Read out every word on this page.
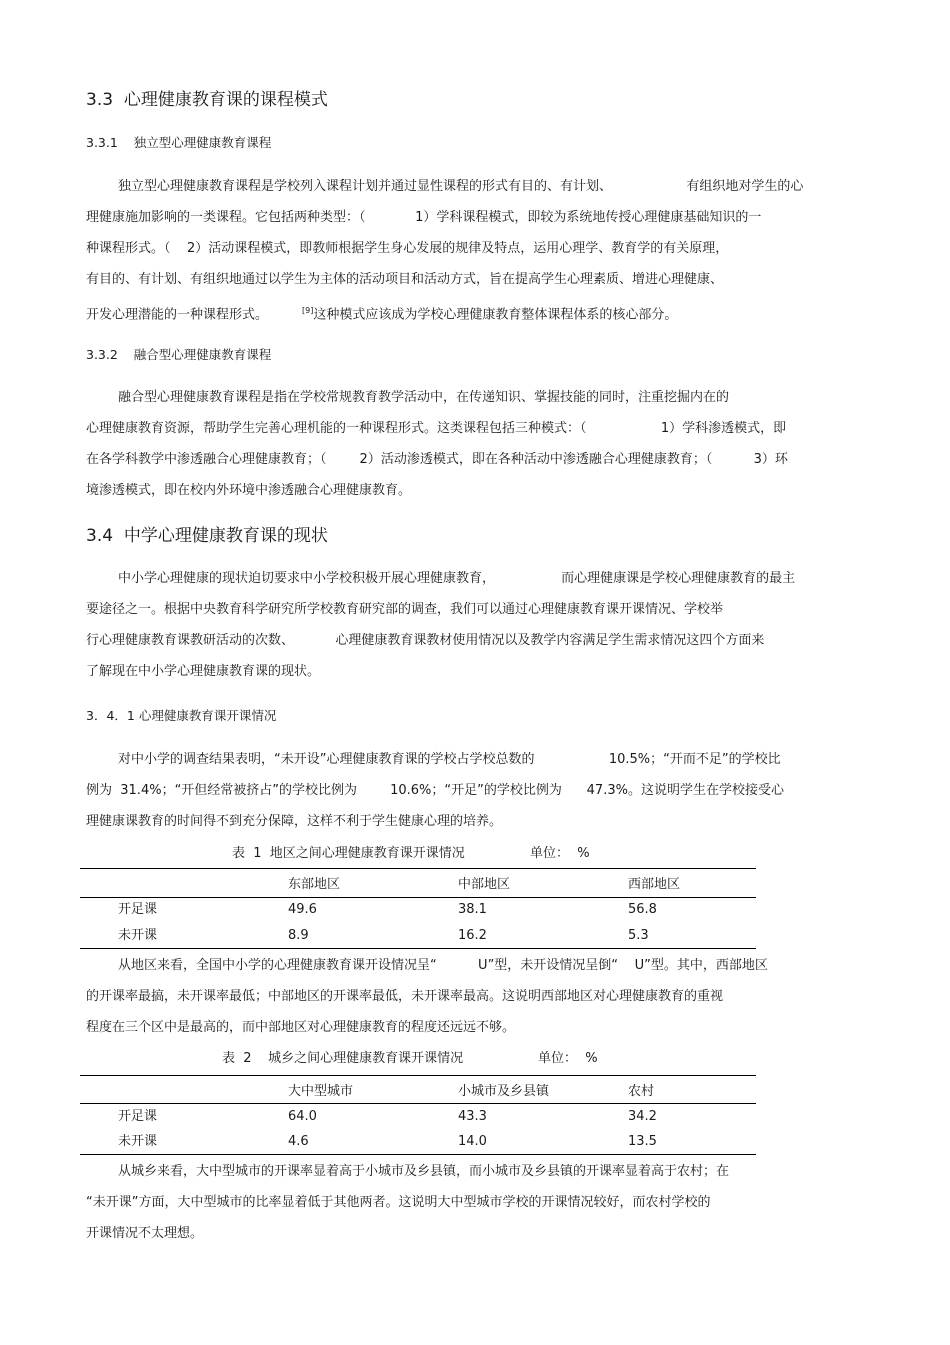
3.3  心理健康教育课的课程模式
3.3.1    独立型心理健康教育课程
独立型心理健康教育课程是学校列入课程计划并通过显性课程的形式有目的、有计划、                  有组织地对学生的心
理健康施加影响的一类课程。它包括两种类型：（            1）学科课程模式，即较为系统地传授心理健康基础知识的一
种课程形式。（    2）活动课程模式，即教师根据学生身心发展的规律及特点，运用心理学、教育学的有关原理，
有目的、有计划、有组织地通过以学生为主体的活动项目和活动方式，旨在提高学生心理素质、增进心理健康、
开发心理潜能的一种课程形式。	[9]这种模式应该成为学校心理健康教育整体课程体系的核心部分。
3.3.2    融合型心理健康教育课程
融合型心理健康教育课程是指在学校常规教育教学活动中，在传递知识、掌握技能的同时，注重挖掘内在的
心理健康教育资源，帮助学生完善心理机能的一种课程形式。这类课程包括三种模式：（                  1）学科渗透模式，即
在各学科教学中渗透融合心理健康教育；（        2）活动渗透模式，即在各种活动中渗透融合心理健康教育；（          3）环
境渗透模式，即在校内外环境中渗透融合心理健康教育。
3.4  中学心理健康教育课的现状
中小学心理健康的现状迫切要求中小学校积极开展心理健康教育，                而心理健康课是学校心理健康教育的最主
要途径之一。根据中央教育科学研究所学校教育研究部的调查，我们可以通过心理健康教育课开课情况、学校举
行心理健康教育课教研活动的次数、          心理健康教育课教材使用情况以及教学内容满足学生需求情况这四个方面来
了解现在中小学心理健康教育课的现状。
3．4．1 心理健康教育课开课情况
对中小学的调查结果表明，“未开设”心理健康教育课的学校占学校总数的                  10.5%；“开而不足”的学校比
例为  31.4%；“开但经常被挤占”的学校比例为        10.6%；“开足”的学校比例为      47.3%。这说明学生在学校接受心
理健康课教育的时间得不到充分保障，这样不利于学生健康心理的培养。
表  1  地区之间心理健康教育课开课情况	单位：  %
东部地区	中部地区	西部地区
开足课	49.6	38.1	56.8
未开课	8.9	16.2	5.3
从地区来看，全国中小学的心理健康教育课开设情况呈“          U”型，未开设情况呈倒“    U”型。其中，西部地区
的开课率最搞，未开课率最低；中部地区的开课率最低，未开课率最高。这说明西部地区对心理健康教育的重视
程度在三个区中是最高的，而中部地区对心理健康教育的程度还远远不够。
表  2    城乡之间心理健康教育课开课情况	单位：  %
大中型城市	小城市及乡县镇	农村
开足课	64.0	43.3	34.2
未开课	4.6	14.0	13.5
从城乡来看，大中型城市的开课率显着高于小城市及乡县镇，而小城市及乡县镇的开课率显着高于农村；在
“未开课”方面，大中型城市的比率显着低于其他两者。这说明大中型城市学校的开课情况较好，而农村学校的
开课情况不太理想。
